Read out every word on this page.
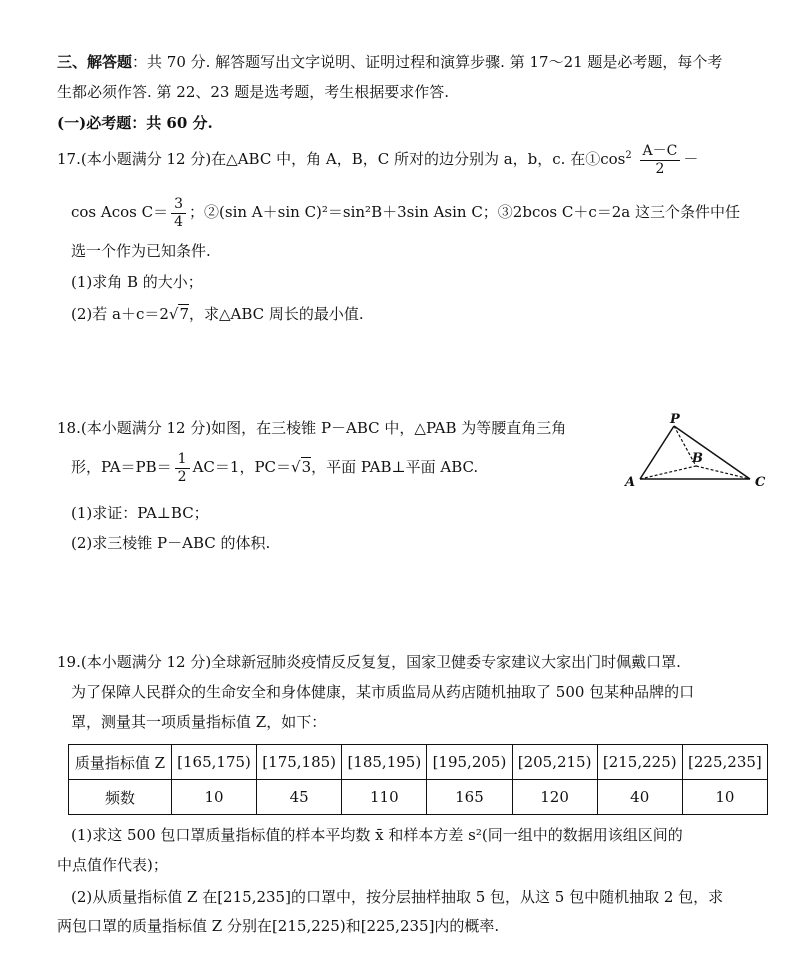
三、解答题：共 70 分. 解答题写出文字说明、证明过程和演算步骤. 第 17～21 题是必考题，每个考
生都必须作答. 第 22、23 题是选考题，考生根据要求作答.
(一)必考题：共 60 分.
17.(本小题满分 12 分)在△ABC 中，角 A，B，C 所对的边分别为 a，b，c. 在$①\cos^2 \frac{A-C}{2}$ －
cos Acos $C= \frac{3}{4}$ ；②(sin A＋sin C)²＝sin²B＋3sin Asin C；③2bcos C＋c＝2a 这三个条件中任
选一个作为已知条件.
(1)求角 B 的大小；
(2)若 a＋c＝2√7，求△ABC 周长的最小值.
18.(本小题满分 12 分)如图，在三棱锥 P－ABC 中，△PAB 为等腰直角三角
形，$PA=PB= \frac{1}{2} AC=1$，PC＝√3，平面 PAB⊥平面 ABC.
(1)求证：PA⊥BC；
(2)求三棱锥 P－ABC 的体积.
P
A
B
C
19.(本小题满分 12 分)全球新冠肺炎疫情反反复复，国家卫健委专家建议大家出门时佩戴口罩.
为了保障人民群众的生命安全和身体健康，某市质监局从药店随机抽取了 500 包某种品牌的口
罩，测量其一项质量指标值 Z，如下：
质量指标值 Z	[165,175)	[175,185)	[185,195)	[195,205)	[205,215)	[215,225)	[225,235]
频数	10	45	110	165	120	40	10
(1)求这 500 包口罩质量指标值的样本平均数 x̄ 和样本方差 s²(同一组中的数据用该组区间的
中点值作代表)；
(2)从质量指标值 Z 在[215,235]的口罩中，按分层抽样抽取 5 包，从这 5 包中随机抽取 2 包，求
两包口罩的质量指标值 Z 分别在[215,225)和[225,235]内的概率.
